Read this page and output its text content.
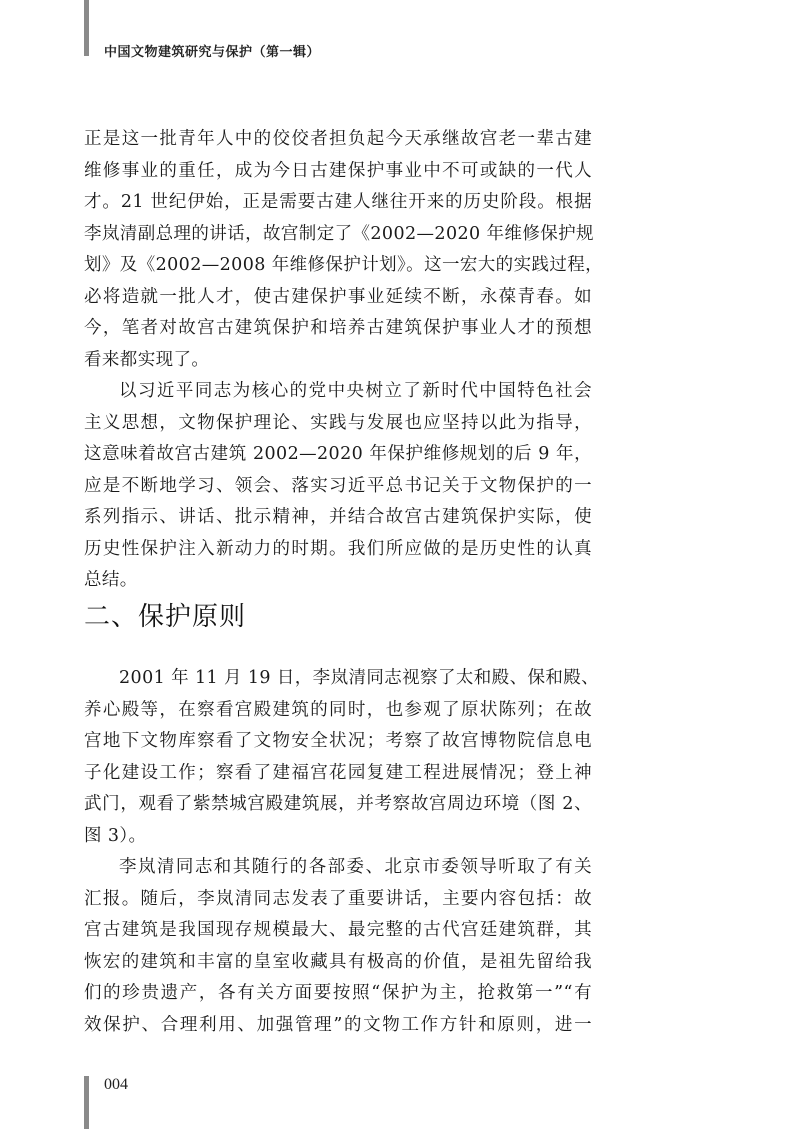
中国文物建筑研究与保护（第一辑）

正是这一批青年人中的佼佼者担负起今天承继故宫老一辈古建
维修事业的重任，成为今日古建保护事业中不可或缺的一代人
才。21 世纪伊始，正是需要古建人继往开来的历史阶段。根据
李岚清副总理的讲话，故宫制定了《2002—2020 年维修保护规
划》及《2002—2008 年维修保护计划》。这一宏大的实践过程，
必将造就一批人才，使古建保护事业延续不断，永葆青春。如
今，笔者对故宫古建筑保护和培养古建筑保护事业人才的预想
看来都实现了。

以习近平同志为核心的党中央树立了新时代中国特色社会
主义思想，文物保护理论、实践与发展也应坚持以此为指导，
这意味着故宫古建筑 2002—2020 年保护维修规划的后 9 年，
应是不断地学习、领会、落实习近平总书记关于文物保护的一
系列指示、讲话、批示精神，并结合故宫古建筑保护实际，使
历史性保护注入新动力的时期。我们所应做的是历史性的认真
总结。

二、保护原则

2001 年 11 月 19 日，李岚清同志视察了太和殿、保和殿、
养心殿等，在察看宫殿建筑的同时，也参观了原状陈列；在故
宫地下文物库察看了文物安全状况；考察了故宫博物院信息电
子化建设工作；察看了建福宫花园复建工程进展情况；登上神
武门，观看了紫禁城宫殿建筑展，并考察故宫周边环境（图 2、
图 3）。

李岚清同志和其随行的各部委、北京市委领导听取了有关
汇报。随后，李岚清同志发表了重要讲话，主要内容包括：故
宫古建筑是我国现存规模最大、最完整的古代宫廷建筑群，其
恢宏的建筑和丰富的皇室收藏具有极高的价值，是祖先留给我
们的珍贵遗产，各有关方面要按照“保护为主，抢救第一”“有
效保护、合理利用、加强管理”的文物工作方针和原则，进一

004
